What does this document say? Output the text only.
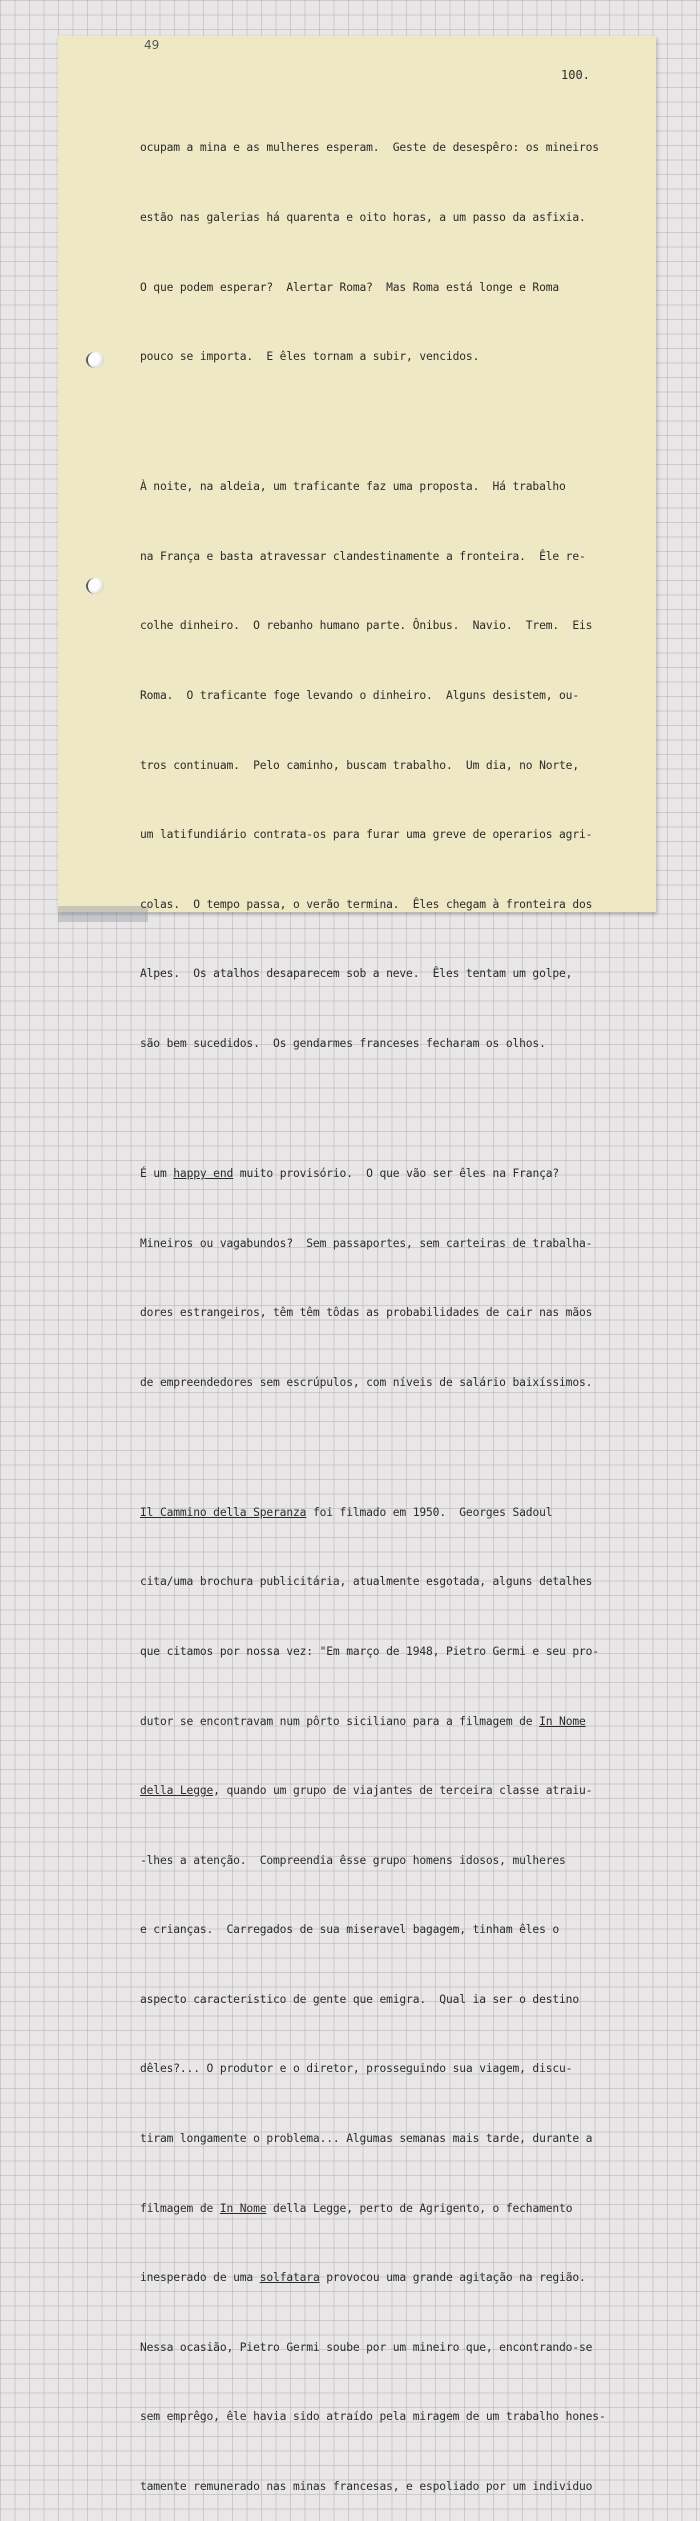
49
100.

ocupam a mina e as mulheres esperam.  Geste de desespêro: os mineiros

estão nas galerias há quarenta e oito horas, a um passo da asfixia.

O que podem esperar?  Alertar Roma?  Mas Roma está longe e Roma

pouco se importa.  E êles tornam a subir, vencidos.

À noite, na aldeia, um traficante faz uma proposta.  Há trabalho

na França e basta atravessar clandestinamente a fronteira.  Êle re-

colhe dinheiro.  O rebanho humano parte. Ônibus.  Navio.  Trem.  Eis

Roma.  O traficante foge levando o dinheiro.  Alguns desistem, ou-

tros continuam.  Pelo caminho, buscam trabalho.  Um dia, no Norte,

um latifundiário contrata-os para furar uma greve de operarios agri-

colas.  O tempo passa, o verão termina.  Êles chegam à fronteira dos

Alpes.  Os atalhos desaparecem sob a neve.  Êles tentam um golpe,

são bem sucedidos.  Os gendarmes franceses fecharam os olhos.

É um happy end muito provisório.  O que vão ser êles na França?

Mineiros ou vagabundos?  Sem passaportes, sem carteiras de trabalha-

dores estrangeiros, têm têm tôdas as probabilidades de cair nas mãos

de empreendedores sem escrúpulos, com níveis de salário baixíssimos.

Il Cammino della Speranza foi filmado em 1950.  Georges Sadoul

cita/uma brochura publicitária, atualmente esgotada, alguns detalhes

que citamos por nossa vez: "Em março de 1948, Pietro Germi e seu pro-

dutor se encontravam num pôrto siciliano para a filmagem de In Nome

della Legge, quando um grupo de viajantes de terceira classe atraiu-

-lhes a atenção.  Compreendia êsse grupo homens idosos, mulheres

e crianças.  Carregados de sua miseravel bagagem, tinham êles o

aspecto caracteristico de gente que emigra.  Qual ia ser o destino

dêles?... O produtor e o diretor, prosseguindo sua viagem, discu-

tiram longamente o problema... Algumas semanas mais tarde, durante a

filmagem de In Nome della Legge, perto de Agrigento, o fechamento

inesperado de uma solfatara provocou uma grande agitação na região.

Nessa ocasião, Pietro Germi soube por um mineiro que, encontrando-se

sem emprêgo, êle havia sido atraído pela miragem de um trabalho hones-

tamente remunerado nas minas francesas, e espoliado por um individuo
